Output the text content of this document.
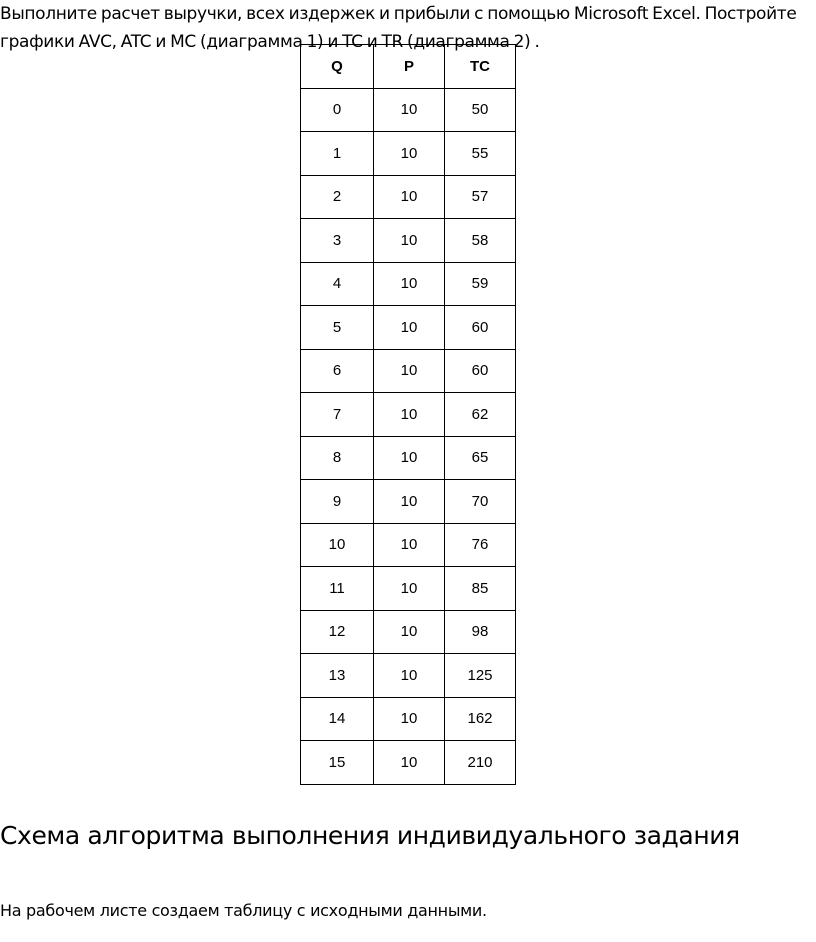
Выполните расчет выручки, всех издержек и прибыли с помощью Microsoft Excel. Постройте графики AVC, ATC и MC (диаграмма 1) и TC и TR (диаграмма 2) .

Q	P	TC
0	10	50
1	10	55
2	10	57
3	10	58
4	10	59
5	10	60
6	10	60
7	10	62
8	10	65
9	10	70
10	10	76
11	10	85
12	10	98
13	10	125
14	10	162
15	10	210
Схема алгоритма выполнения индивидуального задания

На рабочем листе создаем таблицу с исходными данными.
